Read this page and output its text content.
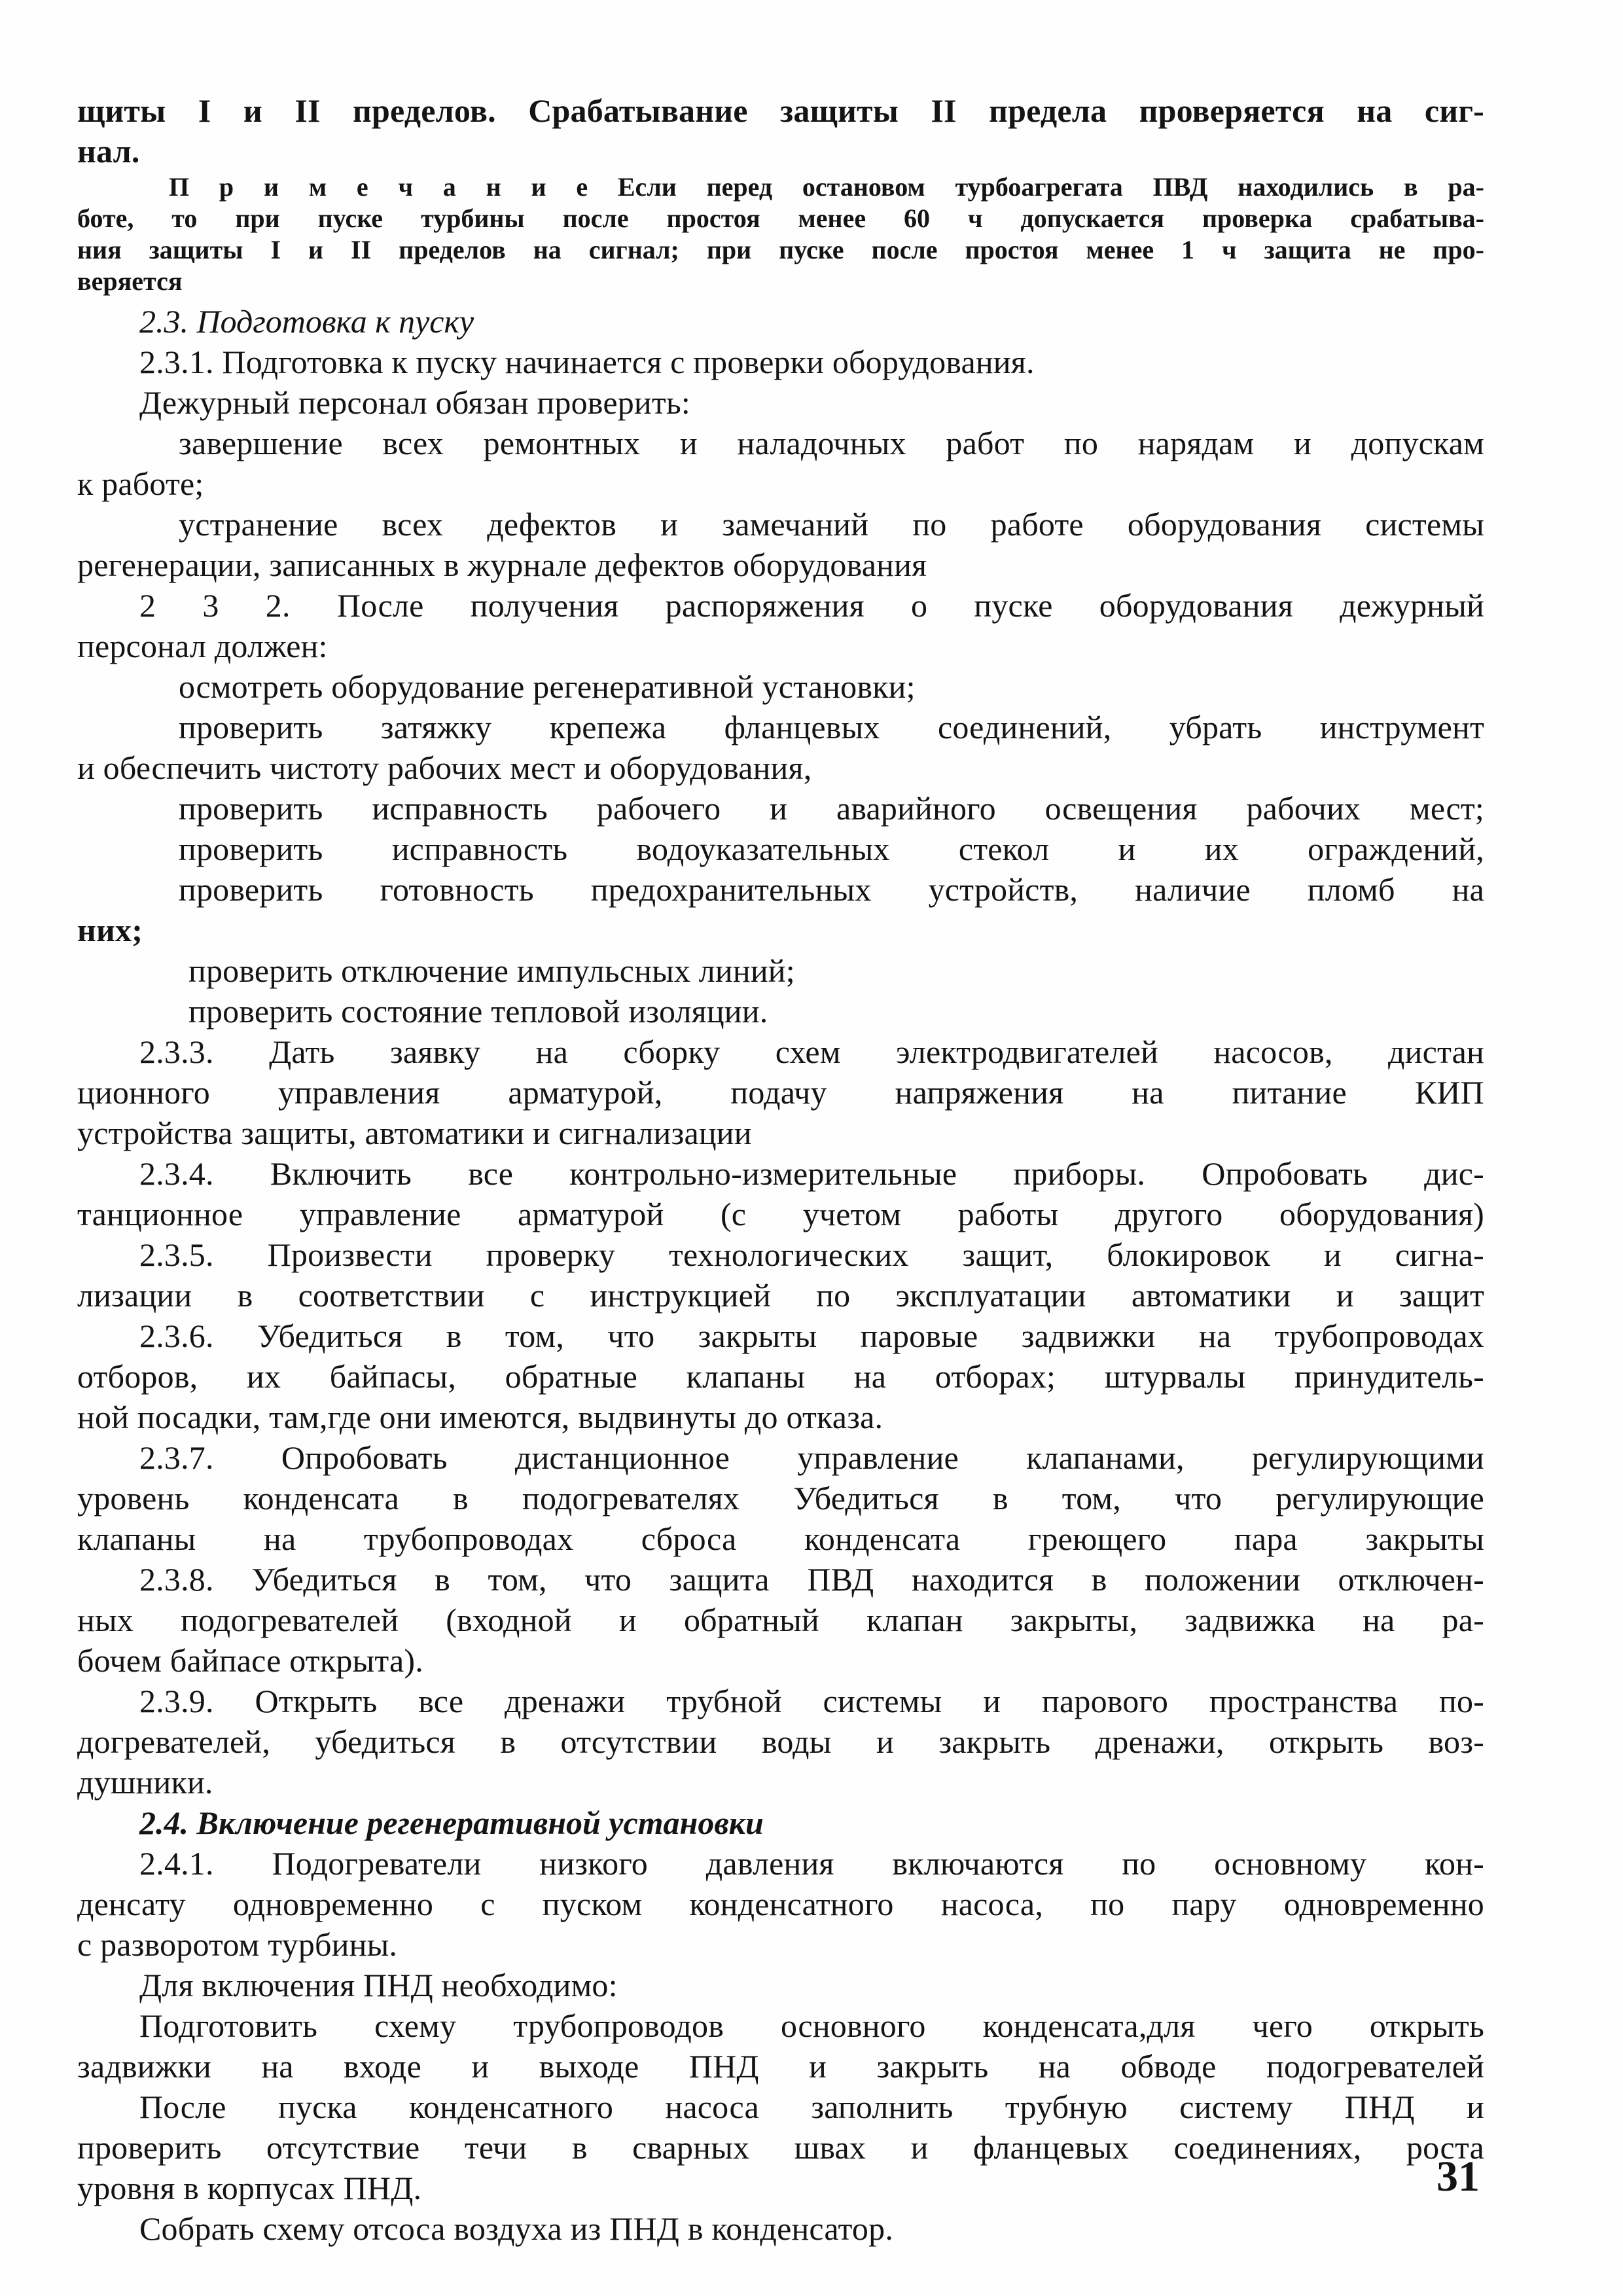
щиты I и II пределов. Срабатывание защиты II предела проверяется на сиг-
нал.
П р и м е ч а н и е Если перед остановом турбоагрегата ПВД находились в ра-
боте, то при пуске турбины после простоя менее 60 ч допускается проверка срабатыва-
ния защиты I и II пределов на сигнал; при пуске после простоя менее 1 ч защита не про-
веряется
2.3. Подготовка к пуску
2.3.1. Подготовка к пуску начинается с проверки оборудования.
Дежурный персонал обязан проверить:
завершение всех ремонтных и наладочных работ по нарядам и допускам
к работе;
устранение всех дефектов и замечаний по работе оборудования системы
регенерации, записанных в журнале дефектов оборудования
2 3 2. После получения распоряжения о пуске оборудования дежурный
персонал должен:
осмотреть оборудование регенеративной установки;
проверить затяжку крепежа фланцевых соединений, убрать инструмент
и обеспечить чистоту рабочих мест и оборудования,
проверить исправность рабочего и аварийного освещения рабочих мест;
проверить исправность водоуказательных стекол и их ограждений,
проверить готовность предохранительных устройств, наличие пломб на
них;
проверить отключение импульсных линий;
проверить состояние тепловой изоляции.
2.3.3. Дать заявку на сборку схем электродвигателей насосов, дистан
ционного управления арматурой, подачу напряжения на питание КИП
устройства защиты, автоматики и сигнализации
2.3.4. Включить все контрольно-измерительные приборы. Опробовать дис-
танционное управление арматурой (с учетом работы другого оборудования)
2.3.5. Произвести проверку технологических защит, блокировок и сигна-
лизации в соответствии с инструкцией по эксплуатации автоматики и защит
2.3.6. Убедиться в том, что закрыты паровые задвижки на трубопроводах
отборов, их байпасы, обратные клапаны на отборах; штурвалы принудитель-
ной посадки, там,где они имеются, выдвинуты до отказа.
2.3.7. Опробовать дистанционное управление клапанами, регулирующими
уровень конденсата в подогревателях Убедиться в том, что регулирующие
клапаны на трубопроводах сброса конденсата греющего пара закрыты
2.3.8. Убедиться в том, что защита ПВД находится в положении отключен-
ных подогревателей (входной и обратный клапан закрыты, задвижка на ра-
бочем байпасе открыта).
2.3.9. Открыть все дренажи трубной системы и парового пространства по-
догревателей, убедиться в отсутствии воды и закрыть дренажи, открыть воз-
душники.
2.4. Включение регенеративной установки
2.4.1. Подогреватели низкого давления включаются по основному кон-
денсату одновременно с пуском конденсатного насоса, по пару одновременно
с разворотом турбины.
Для включения ПНД необходимо:
Подготовить схему трубопроводов основного конденсата,для чего открыть
задвижки на входе и выходе ПНД и закрыть на обводе подогревателей
После пуска конденсатного насоса заполнить трубную систему ПНД и
проверить отсутствие течи в сварных швах и фланцевых соединениях, роста
уровня в корпусах ПНД.
Собрать схему отсоса воздуха из ПНД в конденсатор.
31
